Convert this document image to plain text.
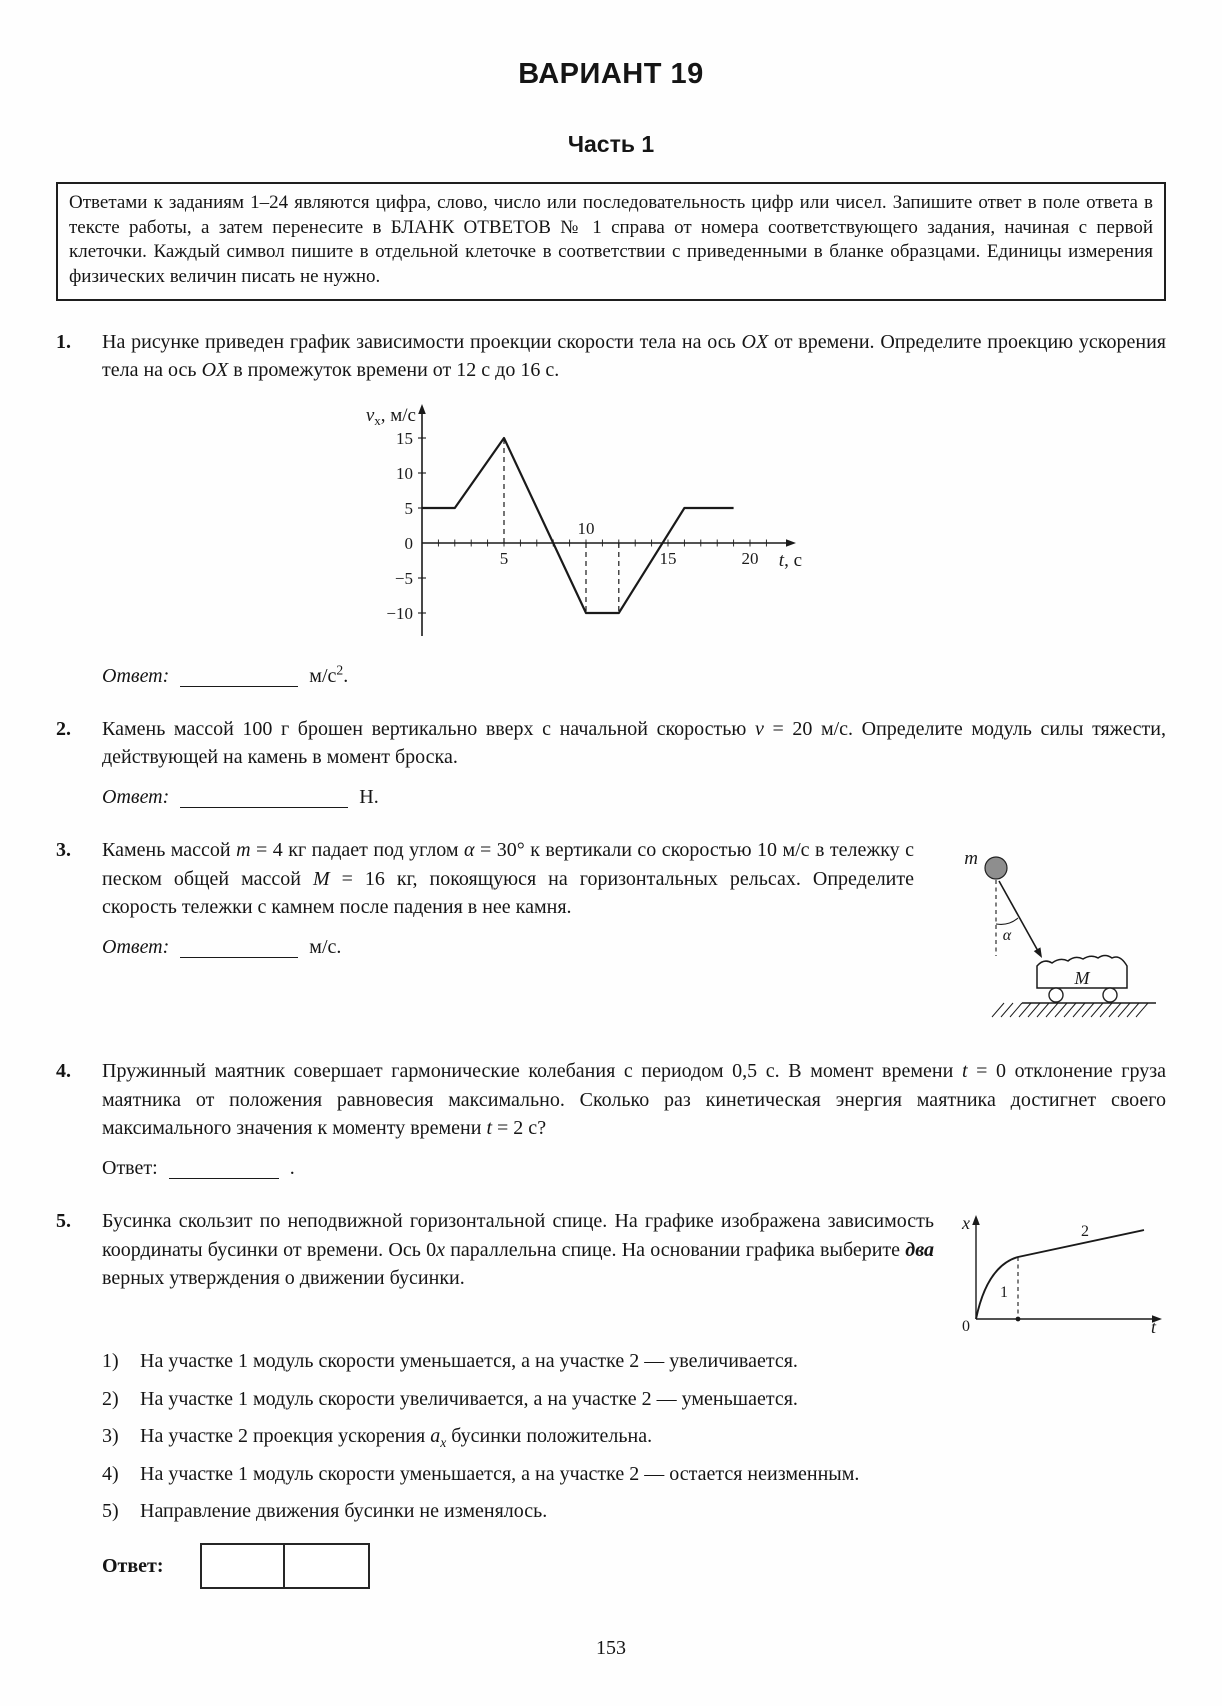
ВАРИАНТ 19
Часть 1

Ответами к заданиям 1–24 являются цифра, слово, число или последовательность цифр или чисел. Запишите ответ в поле ответа в тексте работы, а затем перенесите в БЛАНК ОТВЕТОВ № 1 справа от номера соответствующего задания, начиная с первой клеточки. Каждый символ пишите в отдельной клеточке в соответствии с приведенными в бланке образцами. Единицы измерения физических величин писать не нужно.

1.	На рисунке приведен график зависимости проекции скорости тела на ось OX от времени. Определите проекцию ускорения тела на ось OX в промежуток времени от 12 с до 16 с.

15
10
5
0
−5
−10
5
10
15	20
$v_x$, м/с
t, с

Ответ:	$м/с^2$.

2.	Камень массой 100 г брошен вертикально вверх с начальной скоростью v = 20 м/с. Определите модуль силы тяжести, действующей на камень в момент броска.

Ответ:	Н.

3.	m
α
M

Камень массой m = 4 кг падает под углом α = 30° к вертикали со скоростью 10 м/с в тележку с песком общей массой M = 16 кг, покоящуюся на горизонтальных рельсах. Определите скорость тележки с камнем после падения в нее камня.

Ответ:	м/с.

4.	Пружинный маятник совершает гармонические колебания с периодом 0,5 с. В момент времени t = 0 отклонение груза маятника от положения равновесия максимально. Сколько раз кинетическая энергия маятника достигнет своего максимального значения к моменту времени t = 2 с?

Ответ:	.

5.
1
2
x
t
0

Бусинка скользит по неподвижной горизонтальной спице. На графике изображена зависимость координаты бусинки от времени. Ось 0x параллельна спице. На основании графика выберите два верных утверждения о движении бусинки.

1)	На участке 1 модуль скорости уменьшается, а на участке 2 — увеличивается.
2)	На участке 1 модуль скорости увеличивается, а на участке 2 — уменьшается.
3)	На участке 2 проекция ускорения $a_x$ бусинки положительна.
4)	На участке 1 модуль скорости уменьшается, а на участке 2 — остается неизменным.
5)	Направление движения бусинки не изменялось.
Ответ:
153
